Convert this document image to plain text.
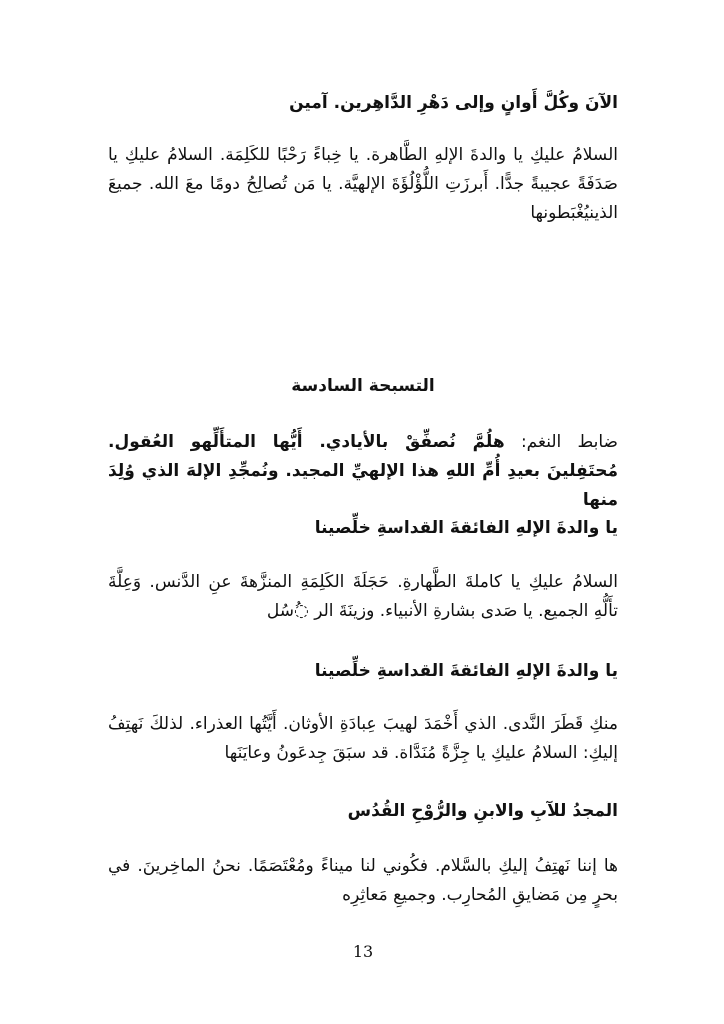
الآنَ وكُلَّ أَوانٍ وإلى دَهْرِ الدَّاهِرين. آمين
السلامُ عليكِ يا والدةَ الإلهِ الطَّاهرة. يا خِباءً رَحْبًا للكَلِمَة. السلامُ عليكِ يا صَدَفَةً عجيبةً جدًّا. أَبرزَتِ اللُّؤْلُؤَةَ الإلهيَّة. يا مَن تُصالِحُ دومًا معَ الله. جميعَ الذينيُغْبَطونها
التسبحة السادسة
ضابط النغم: هلُمَّ نُصفِّقْ بالأيادي. أَيُّها المتأَلِّهو العُقول. مُحتَفِلينَ بعيدِ أُمِّ اللهِ هذا الإلهيِّ المجيد. ونُمجِّدِ الإلهَ الذي وُلِدَ منها
يا والدةَ الإلهِ الفائقةَ القداسةِ خلِّصينا
السلامُ عليكِ يا كاملةَ الطَّهارةِ. حَجَلَةَ الكَلِمَةِ المنزَّهةَ عنِ الدَّنس. وَعِلَّةَ تأَلُّهِ الجميع. يا صَدى بشارةِ الأنبياء. وزينَةَ الر ◌ُسُل
يا والدةَ الإلهِ الفائقةَ القداسةِ خلِّصينا
منكِ قَطَرَ النَّدى. الذي أَخْمَدَ لهيبَ عِبادَةِ الأوثان. أَيَّتُها العذراء. لذلكَ نَهتِفُ إليكِ: السلامُ عليكِ يا جِزَّةً مُنَدَّاة. قد سبَقَ جِدعَونُ وعايَنَها
المجدُ للآبِ والابنِ والرُّوْحِ القُدُس
ها إننا نَهتِفُ إليكِ بالسَّلام. فكُوني لنا ميناءً ومُعْتَصَمًا. نحنُ الماخِرينَ. في بحرٍ مِن مَضايقِ المُحارِب. وجميعِ مَعاثِرِه
13
